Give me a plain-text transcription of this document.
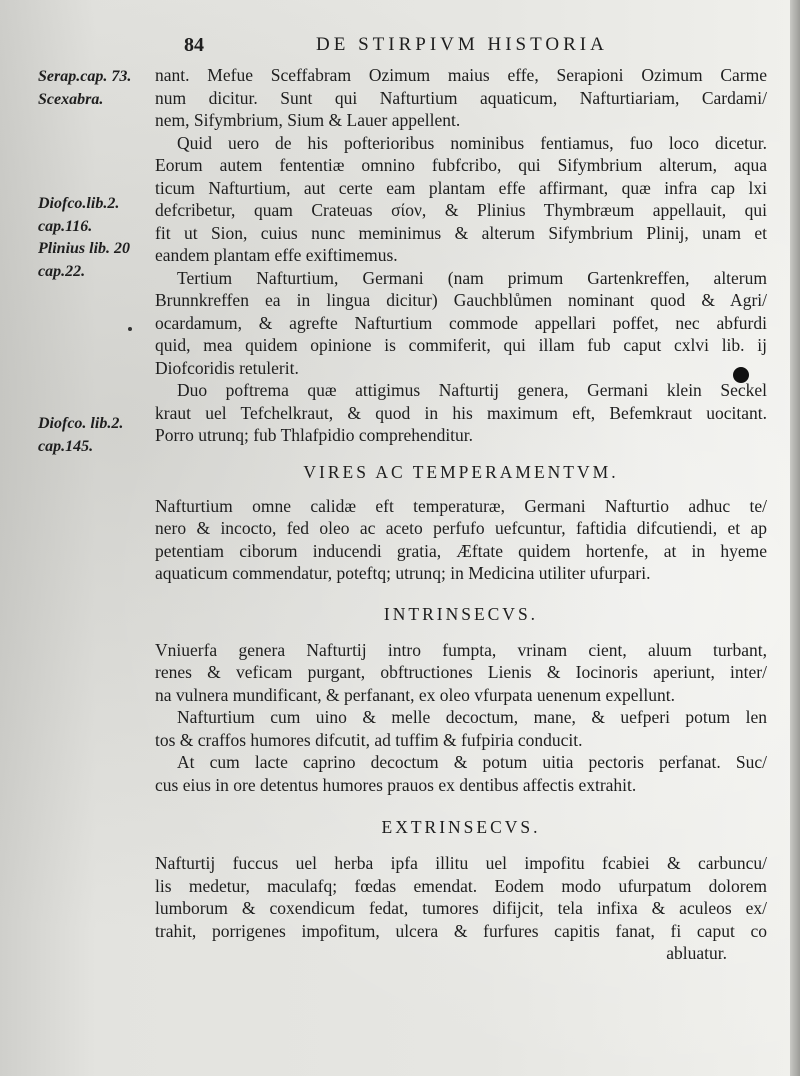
84	DE STIRPIVM HISTORIA
Serap.cap. 73.
Scexabra.
Diofco.lib.2.
cap.116.
Plinius lib. 20
cap.22.
Diofco. lib.2.
cap.145.
nant. Mefue Sceffabram Ozimum maius effe, Serapioni Ozimum Carme
num dicitur. Sunt qui Nafturtium aquaticum, Nafturtiariam, Cardami/
nem, Sifymbrium, Sium & Lauer appellent.
Quid uero de his pofterioribus nominibus fentiamus, fuo loco dicetur.
Eorum autem fententiæ omnino fubfcribo, qui Sifymbrium alterum, aqua
ticum Nafturtium, aut certe eam plantam effe affirmant, quæ infra cap lxi
defcribetur, quam Crateuas σίον, & Plinius Thymbræum appellauit, qui
fit ut Sion, cuius nunc meminimus & alterum Sifymbrium Plinij, unam et
eandem plantam effe exiftimemus.
Tertium Nafturtium, Germani (nam primum Gartenkreffen, alterum
Brunnkreffen ea in lingua dicitur) Gauchblůmen nominant quod & Agri/
ocardamum, & agrefte Nafturtium commode appellari poffet, nec abfurdi
quid, mea quidem opinione is commiferit, qui illam fub caput cxlvi lib. ij
Diofcoridis retulerit.
Duo poftrema quæ attigimus Nafturtij genera, Germani klein Seckel
kraut uel Tefchelkraut, & quod in his maximum eft, Befemkraut uocitant.
Porro utrunq; fub Thlafpidio comprehenditur.
VIRES AC TEMPERAMENTVM.
Nafturtium omne calidæ eft temperaturæ, Germani Nafturtio adhuc te/
nero & incocto, fed oleo ac aceto perfufo uefcuntur, faftidia difcutiendi, et ap
petentiam ciborum inducendi gratia, Æftate quidem hortenfe, at in hyeme
aquaticum commendatur, poteftq; utrunq; in Medicina utiliter ufurpari.
INTRINSECVS.
Vniuerfa genera Nafturtij intro fumpta, vrinam cient, aluum turbant,
renes & veficam purgant, obftructiones Lienis & Iocinoris aperiunt, inter/
na vulnera mundificant, & perfanant, ex oleo vfurpata uenenum expellunt.
Nafturtium cum uino & melle decoctum, mane, & uefperi potum len
tos & craffos humores difcutit, ad tuffim & fufpiria conducit.
At cum lacte caprino decoctum & potum uitia pectoris perfanat. Suc/
cus eius in ore detentus humores prauos ex dentibus affectis extrahit.
EXTRINSECVS.
Nafturtij fuccus uel herba ipfa illitu uel impofitu fcabiei & carbuncu/
lis medetur, maculafq; fœdas emendat. Eodem modo ufurpatum dolorem
lumborum & coxendicum fedat, tumores difijcit, tela infixa & aculeos ex/
trahit, porrigenes impofitum, ulcera & furfures capitis fanat, fi caput co
abluatur.
